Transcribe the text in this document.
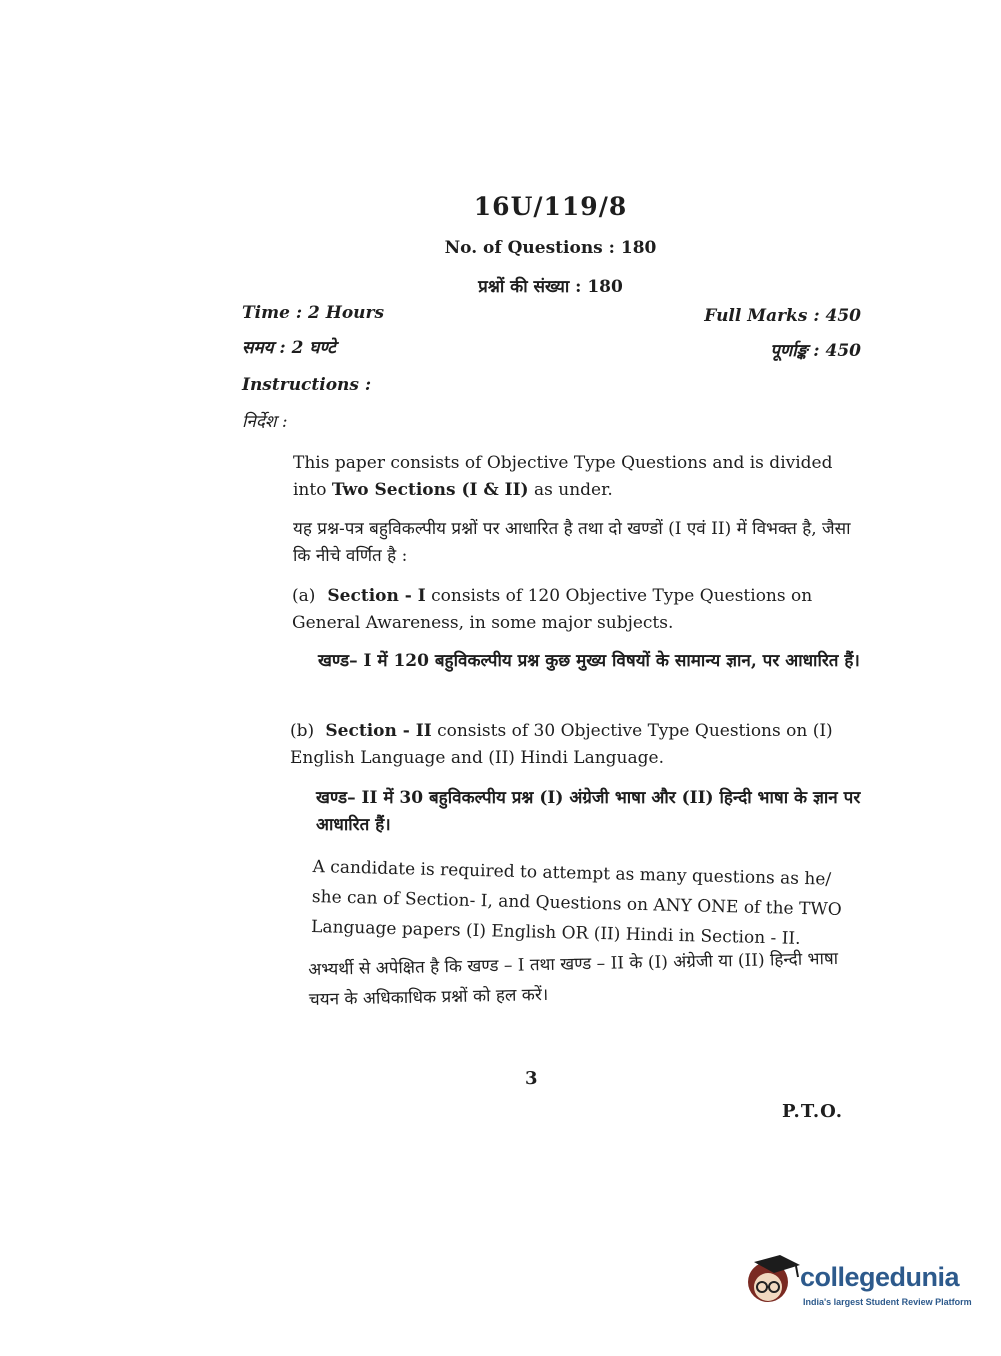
16U/119/8
No. of Questions : 180
प्रश्नों की संख्या : 180
Time : 2 Hours
समय : 2 घण्टे
Full Marks : 450
पूर्णाङ्क : 450
Instructions :
निर्देश :
This paper consists of Objective Type Questions and is divided into Two Sections (I & II) as under.
यह प्रश्न-पत्र बहुविकल्पीय प्रश्नों पर आधारित है तथा दो खण्डों (I एवं II) में विभक्त है, जैसा कि नीचे वर्णित है :
(a) Section - I consists of 120 Objective Type Questions on General Awareness, in some major subjects.
खण्ड– I में 120 बहुविकल्पीय प्रश्न कुछ मुख्य विषयों के सामान्य ज्ञान, पर आधारित हैं।
(b) Section - II consists of 30 Objective Type Questions on (I) English Language and (II) Hindi Language.
खण्ड– II में 30 बहुविकल्पीय प्रश्न (I) अंग्रेजी भाषा और (II) हिन्दी भाषा के ज्ञान पर आधारित हैं।
A candidate is required to attempt as many questions as he/ she can of Section- I, and Questions on ANY ONE of the TWO Language papers (I) English OR (II) Hindi in Section - II.
अभ्यर्थी से अपेक्षित है कि खण्ड – I तथा खण्ड – II के (I) अंग्रेजी या (II) हिन्दी भाषा चयन के अधिकाधिक प्रश्नों को हल करें।
3
P.T.O.
collegedunia
India's largest Student Review Platform
